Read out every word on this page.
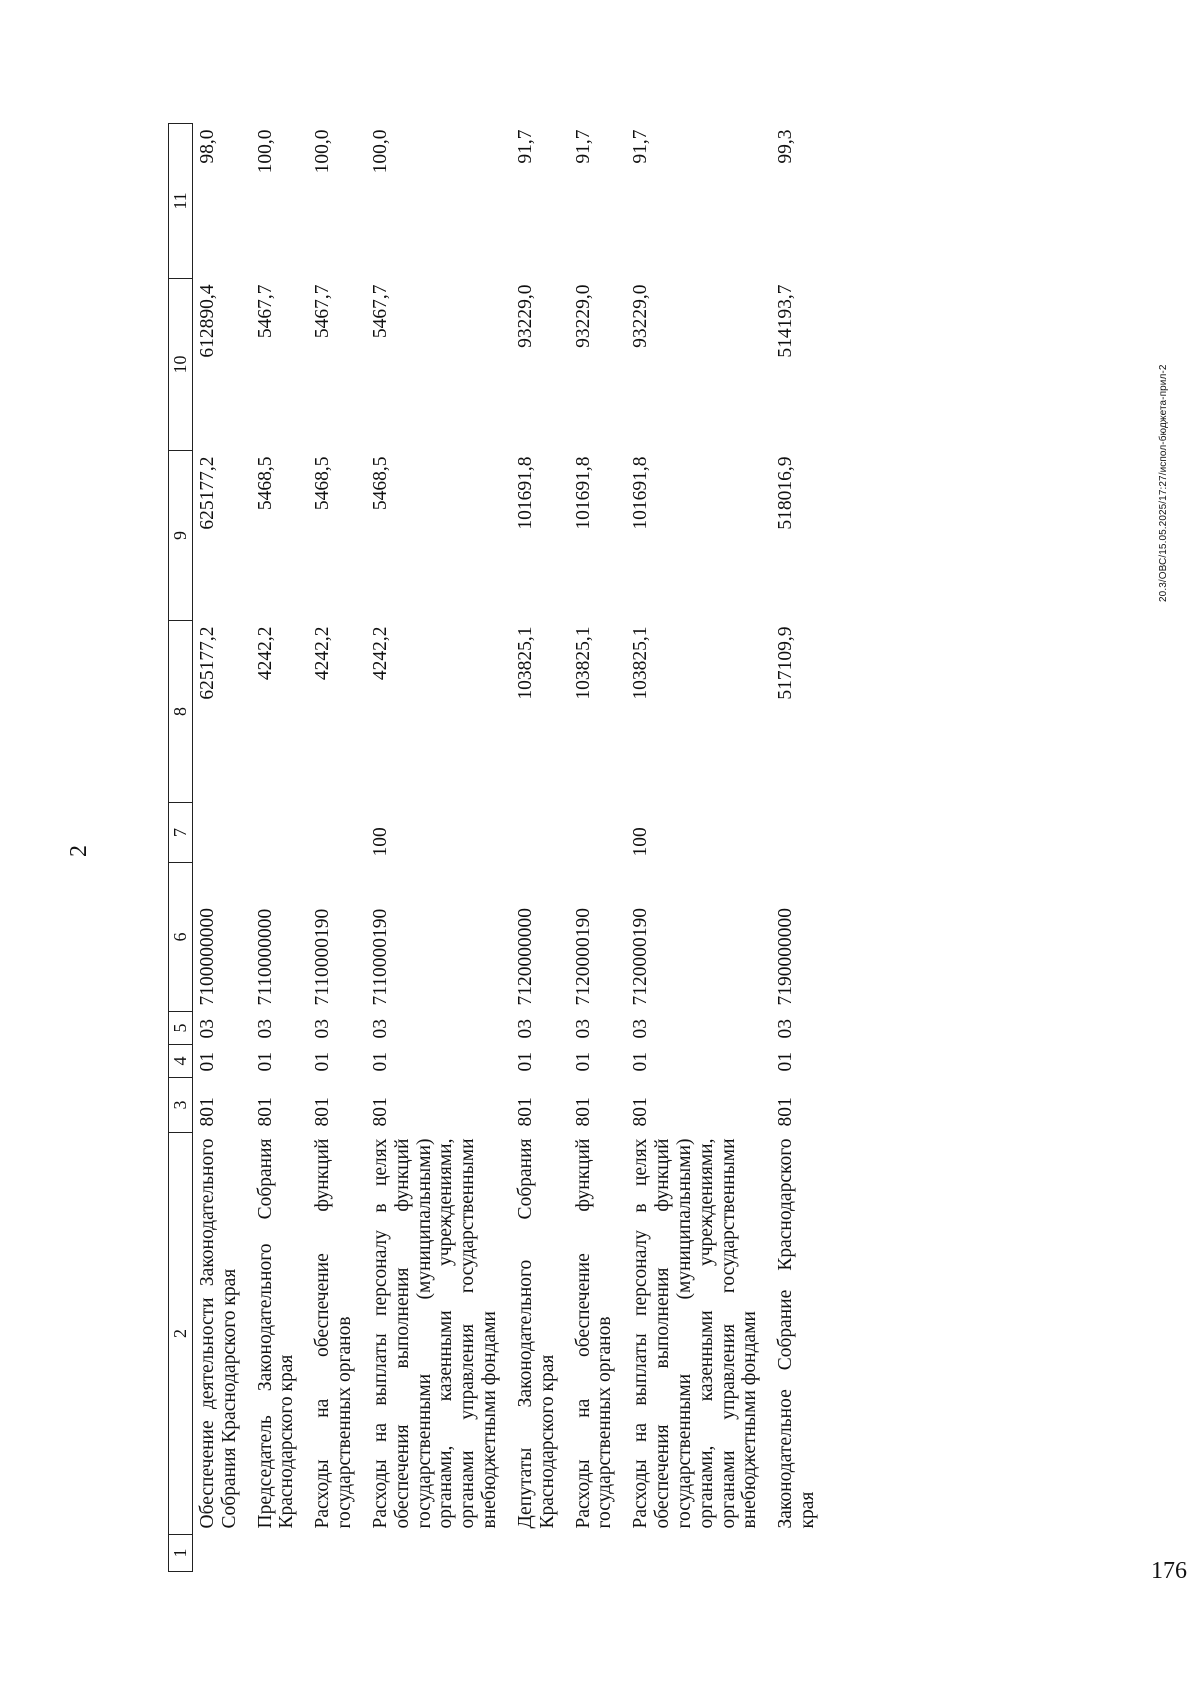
2
1	2	3	4	5	6	7	8	9	10	11
	Обеспечение деятельности Законодательного Собрания Краснодарского края	801	01	03	7100000000		625177,2	625177,2	612890,4	98,0
	Председатель Законодательного Собрания Краснодарского края	801	01	03	7110000000		4242,2	5468,5	5467,7	100,0
	Расходы на обеспечение функций государственных органов	801	01	03	7110000190		4242,2	5468,5	5467,7	100,0
	Расходы на выплаты персоналу в целях обеспечения выполнения функций государственными (муниципальными) органами, казенными учреждениями, органами управления государственными внебюджетными фондами	801	01	03	7110000190	100	4242,2	5468,5	5467,7	100,0
	Депутаты Законодательного Собрания Краснодарского края	801	01	03	7120000000		103825,1	101691,8	93229,0	91,7
	Расходы на обеспечение функций государственных органов	801	01	03	7120000190		103825,1	101691,8	93229,0	91,7
	Расходы на выплаты персоналу в целях обеспечения выполнения функций государственными (муниципальными) органами, казенными учреждениями, органами управления государственными внебюджетными фондами	801	01	03	7120000190	100	103825,1	101691,8	93229,0	91,7
	Законодательное Собрание Краснодарского края	801	01	03	7190000000		517109,9	518016,9	514193,7	99,3
20.3/ОВС/15.05.2025/17:27/испол-бюджета-прил-2
176
